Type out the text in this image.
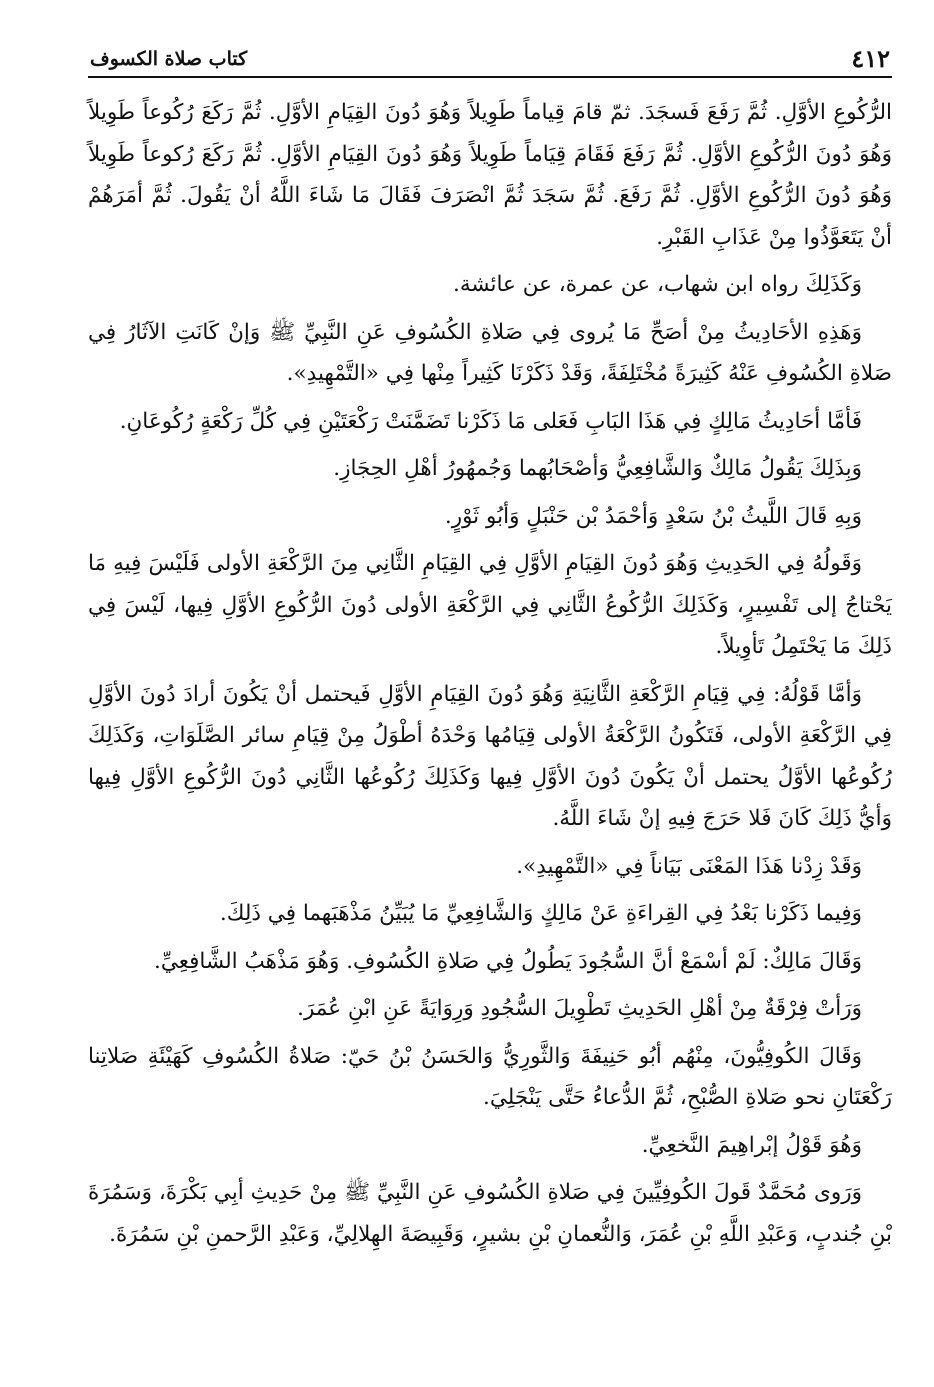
٤١٢
كتاب صلاة الكسوف

الرُّكُوعِ الأوَّلِ. ثُمَّ رَفَعَ فَسجَدَ. ثمّ قامَ قِياماً طَوِيلاً وَهُوَ دُونَ القِيَامِ الأوَّلِ. ثُمَّ رَكَعَ رُكُوعاً طَوِيلاً وَهُوَ دُونَ الرُّكُوعِ الأوَّلِ. ثُمَّ رَفَعَ فَقَامَ قِيَاماً طَوِيلاً وَهُوَ دُونَ القِيَامِ الأوَّلِ. ثُمَّ رَكَعَ رُكوعاً طَوِيلاً وَهُوَ دُونَ الرُّكُوعِ الأوَّلِ. ثُمَّ رَفَعَ. ثُمَّ سَجَدَ ثُمَّ انْصَرَفَ فَقَالَ مَا شَاءَ اللَّهُ أنْ يَقُولَ. ثُمَّ أمَرَهُمْ أنْ يَتَعَوَّذُوا مِنْ عَذَابِ القَبْرِ.

وَكَذَلِكَ رواه ابن شهاب، عن عمرة، عن عائشة.

وَهَذِهِ الأحَادِيثُ مِنْ أصَحِّ مَا يُروى فِي صَلاةِ الكُسُوفِ عَنِ النَّبِيِّ ﷺ وَإنْ كَانَتِ الآثَارُ فِي صَلاةِ الكُسُوفِ عَنْهُ كَثِيرَةً مُخْتَلِفَةً، وَقَدْ ذَكَرْنَا كَثِيراً مِنْها فِي «التَّمْهِيدِ».

فَأمَّا أحَادِيثُ مَالِكٍ فِي هَذَا البَابِ فَعَلى مَا ذَكَرْنا تَضَمَّنَتْ رَكْعَتَيْنِ فِي كُلِّ رَكْعَةٍ رُكُوعَانِ.

وَبِذَلِكَ يَقُولُ مَالِكٌ وَالشَّافِعِيُّ وَأصْحَابُهما وَجُمهُورُ أهْلِ الحِجَازِ.

وَبِهِ قَالَ اللَّيثُ بْنُ سَعْدٍ وَأحْمَدُ بْن حَنْبَلٍ وَأبُو ثَوْرٍ.

وَقَولُهُ فِي الحَدِيثِ وَهُوَ دُونَ القِيَامِ الأوَّلِ فِي القِيَامِ الثَّانِي مِنَ الرَّكْعَةِ الأولى فَلَيْسَ فِيهِ مَا يَحْتاجُ إلى تَفْسِيرٍ، وَكَذَلِكَ الرُّكُوعُ الثَّانِي فِي الرَّكْعَةِ الأولى دُونَ الرُّكُوعِ الأوَّلِ فِيها، لَيْسَ فِي ذَلِكَ مَا يَحْتَمِلُ تَأوِيلاً.

وَأمَّا قَوْلُهُ: فِي قِيَامِ الرَّكْعَةِ الثَّانِيَةِ وَهُوَ دُونَ القِيَامِ الأوَّلِ فَيحتمل أنْ يَكُونَ أرادَ دُونَ الأوَّلِ فِي الرَّكْعَةِ الأولى، فَتَكُونُ الرَّكْعَةُ الأولى قِيَامُها وَحْدَهُ أطْوَلُ مِنْ قِيَامِ سائر الصَّلَوَاتِ، وَكَذَلِكَ رُكُوعُها الأوَّلُ يحتمل أنْ يَكُونَ دُونَ الأوَّلِ فِيها وَكَذَلِكَ رُكُوعُها الثَّانِي دُونَ الرُّكُوعِ الأوَّلِ فِيها وَأيُّ ذَلِكَ كَانَ فَلا حَرَجَ فِيهِ إنْ شَاءَ اللَّهُ.

وَقَدْ زِدْنا هَذَا المَعْنَى بَيَاناً فِي «التَّمْهِيدِ».

وَفِيما ذَكَرْنا بَعْدُ فِي القِراءَةِ عَنْ مَالِكٍ وَالشَّافِعِيِّ مَا يُبَيِّنُ مَذْهَبَهما فِي ذَلِكَ.

وَقَالَ مَالِكٌ: لَمْ أسْمَعْ أنَّ السُّجُودَ يَطُولُ فِي صَلاةِ الكُسُوفِ. وَهُوَ مَذْهَبُ الشَّافِعِيِّ.

وَرَأتْ فِرْقَةٌ مِنْ أهْلِ الحَدِيثِ تَطْوِيلَ السُّجُودِ وَرِوَايَةً عَنِ ابْنِ عُمَرَ.

وَقَالَ الكُوفِيُّونَ، مِنْهُم أبُو حَنِيفَةَ وَالثَّورِيُّ وَالحَسَنُ بْنُ حَيّ: صَلاةُ الكُسُوفِ كَهَيْئَةِ صَلاتِنا رَكْعَتَانِ نحو صَلاةِ الصُّبْحِ، ثُمَّ الدُّعاءُ حَتَّى يَنْجَلِيَ.

وَهُوَ قَوْلُ إبْراهِيمَ النَّخعِيِّ.

وَرَوى مُحَمَّدٌ قَولَ الكُوفِيِّينَ فِي صَلاةِ الكُسُوفِ عَنِ النَّبِيِّ ﷺ مِنْ حَدِيثِ أبِي بَكْرَةَ، وَسَمُرَةَ بْنِ جُندبٍ، وَعَبْدِ اللَّهِ بْنِ عُمَرَ، وَالنُّعمانِ بْنِ بشيرٍ، وَقَبِيصَةَ الهِلالِيِّ، وَعَبْدِ الرَّحمنِ بْنِ سَمُرَةَ.
